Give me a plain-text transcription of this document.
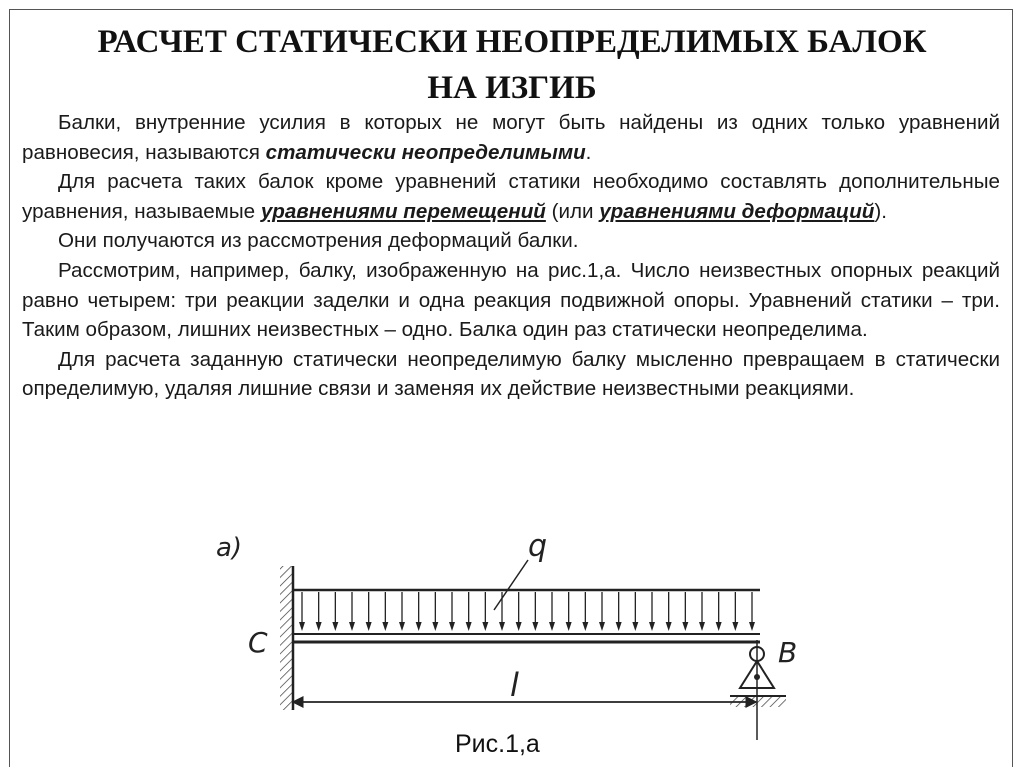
РАСЧЕТ СТАТИЧЕСКИ НЕОПРЕДЕЛИМЫХ БАЛОК
НА ИЗГИБ

Балки, внутренние усилия в которых не могут быть найдены из одних только уравнений равновесия, называются статически неопределимыми.

Для расчета таких балок кроме уравнений статики необходимо составлять дополнительные уравнения, называемые уравнениями перемещений (или уравнениями деформаций).

Они получаются из рассмотрения деформаций балки.

Рассмотрим, например, балку, изображенную на рис.1,а. Число неизвестных опорных реакций равно четырем: три реакции заделки и одна реакция подвижной опоры. Уравнений статики – три. Таким образом, лишних неизвестных – одно. Балка один раз статически неопределима.

Для расчета заданную статически неопределимую балку мысленно превращаем в статически определимую, удаляя лишние связи и заменяя их действие неизвестными реакциями.

a)
C
q
B
l
Рис.1,а
